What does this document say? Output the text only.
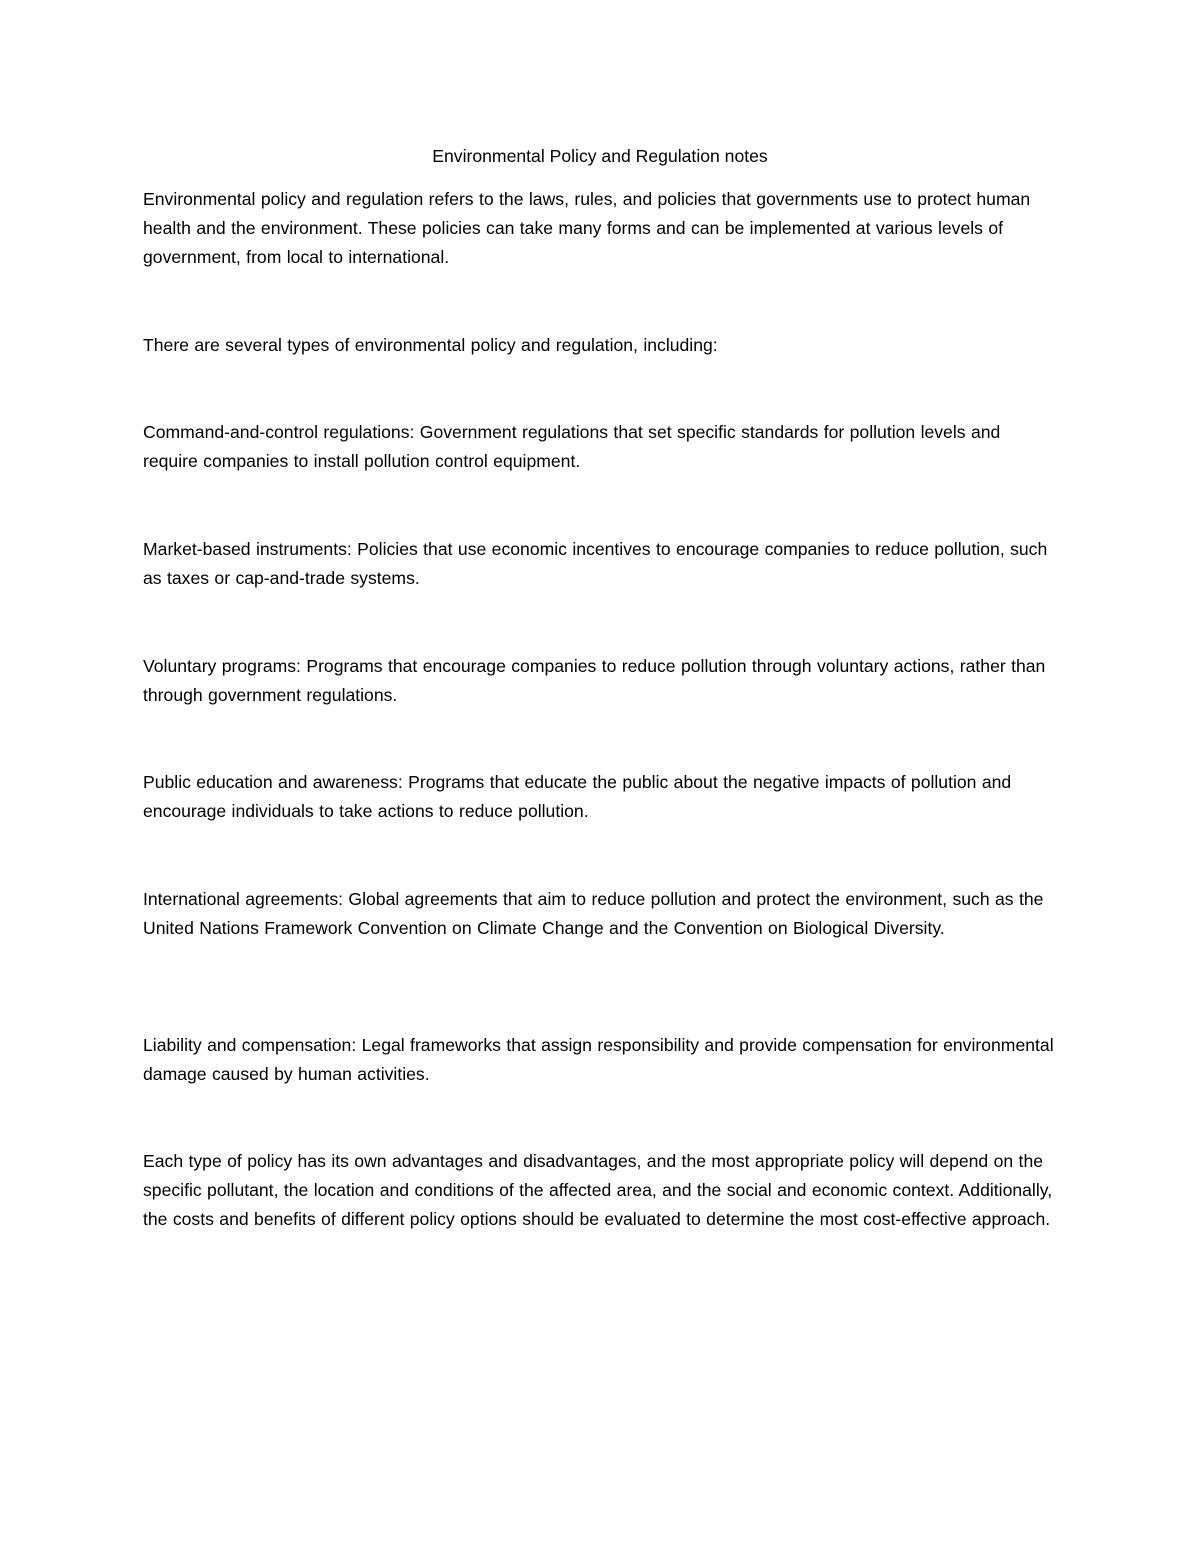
Environmental Policy and Regulation notes

Environmental policy and regulation refers to the laws, rules, and policies that governments use to protect human health and the environment. These policies can take many forms and can be implemented at various levels of government, from local to international.

There are several types of environmental policy and regulation, including:

Command-and-control regulations: Government regulations that set specific standards for pollution levels and require companies to install pollution control equipment.

Market-based instruments: Policies that use economic incentives to encourage companies to reduce pollution, such as taxes or cap-and-trade systems.

Voluntary programs: Programs that encourage companies to reduce pollution through voluntary actions, rather than through government regulations.

Public education and awareness: Programs that educate the public about the negative impacts of pollution and encourage individuals to take actions to reduce pollution.

International agreements: Global agreements that aim to reduce pollution and protect the environment, such as the United Nations Framework Convention on Climate Change and the Convention on Biological Diversity.

Liability and compensation: Legal frameworks that assign responsibility and provide compensation for environmental damage caused by human activities.

Each type of policy has its own advantages and disadvantages, and the most appropriate policy will depend on the specific pollutant, the location and conditions of the affected area, and the social and economic context. Additionally, the costs and benefits of different policy options should be evaluated to determine the most cost-effective approach.
